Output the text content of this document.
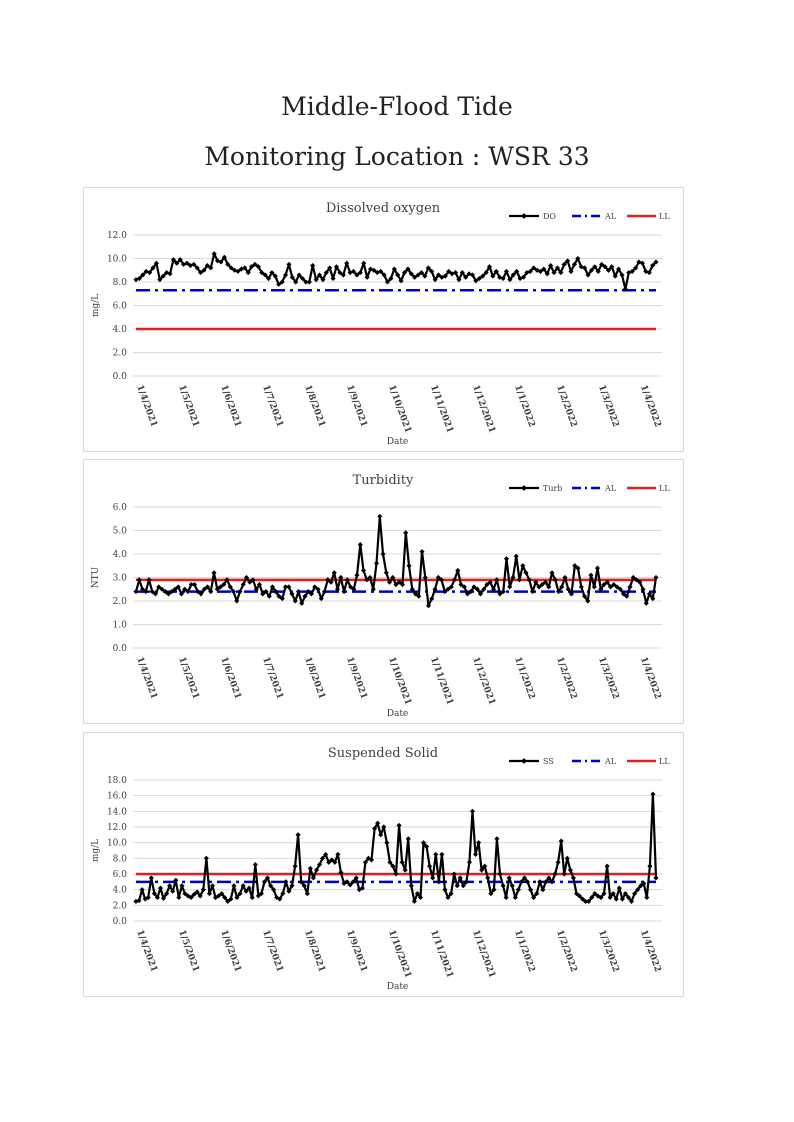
Middle-Flood Tide
Monitoring Location : WSR 33
Dissolved oxygen
0.0
2.0
4.0
6.0
8.0
10.0
12.0
mg/L
1/4/2021 1/5/2021 1/6/2021 1/7/2021 1/8/2021 1/9/2021 1/10/2021 1/11/2021 1/12/2021 1/1/2022 1/2/2022 1/3/2022 1/4/2022
Date
DO	AL	LL
Turbidity
0.0
1.0
2.0
3.0
4.0
5.0
6.0
NTU
1/4/2021 1/5/2021 1/6/2021 1/7/2021 1/8/2021 1/9/2021 1/10/2021 1/11/2021 1/12/2021 1/1/2022 1/2/2022 1/3/2022 1/4/2022
Date
Turb	AL	LL
Suspended Solid
0.0
2.0
4.0
6.0
8.0
10.0
12.0
14.0
16.0
18.0
mg/L
1/4/2021 1/5/2021 1/6/2021 1/7/2021 1/8/2021 1/9/2021 1/10/2021 1/11/2021 1/12/2021 1/1/2022 1/2/2022 1/3/2022 1/4/2022
Date
SS	AL	LL
